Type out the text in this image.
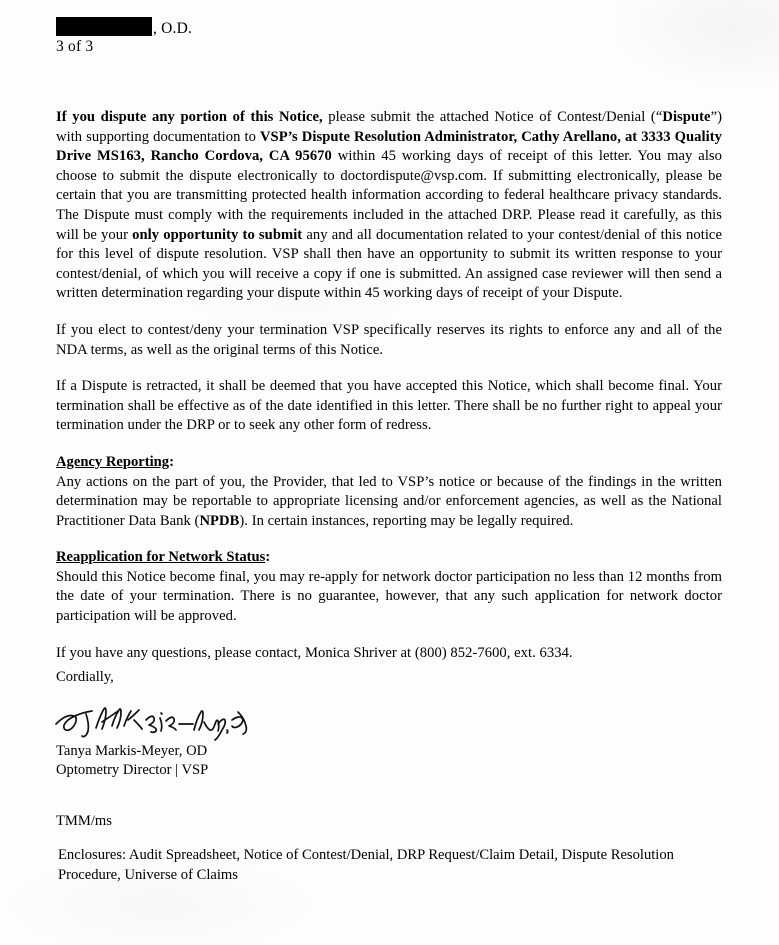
, O.D.
3 of 3

If you dispute any portion of this Notice, please submit the attached Notice of Contest/Denial (“Dispute”) with supporting documentation to VSP’s Dispute Resolution Administrator, Cathy Arellano, at 3333 Quality Drive MS163, Rancho Cordova, CA 95670 within 45 working days of receipt of this letter. You may also choose to submit the dispute electronically to doctordispute@vsp.com. If submitting electronically, please be certain that you are transmitting protected health information according to federal healthcare privacy standards. The Dispute must comply with the requirements included in the attached DRP. Please read it carefully, as this will be your only opportunity to submit any and all documentation related to your contest/denial of this notice for this level of dispute resolution. VSP shall then have an opportunity to submit its written response to your contest/denial, of which you will receive a copy if one is submitted. An assigned case reviewer will then send a written determination regarding your dispute within 45 working days of receipt of your Dispute.

If you elect to contest/deny your termination VSP specifically reserves its rights to enforce any and all of the NDA terms, as well as the original terms of this Notice.

If a Dispute is retracted, it shall be deemed that you have accepted this Notice, which shall become final. Your termination shall be effective as of the date identified in this letter. There shall be no further right to appeal your termination under the DRP or to seek any other form of redress.

Agency Reporting:

Any actions on the part of you, the Provider, that led to VSP’s notice or because of the findings in the written determination may be reportable to appropriate licensing and/or enforcement agencies, as well as the National Practitioner Data Bank (NPDB). In certain instances, reporting may be legally required.

Reapplication for Network Status:

Should this Notice become final, you may re-apply for network doctor participation no less than 12 months from the date of your termination. There is no guarantee, however, that any such application for network doctor participation will be approved.

If you have any questions, please contact, Monica Shriver at (800) 852-7600, ext. 6334.

Cordially,
Tanya Markis-Meyer, OD
Optometry Director | VSP
TMM/ms
Enclosures: Audit Spreadsheet, Notice of Contest/Denial, DRP Request/Claim Detail, Dispute Resolution Procedure, Universe of Claims
